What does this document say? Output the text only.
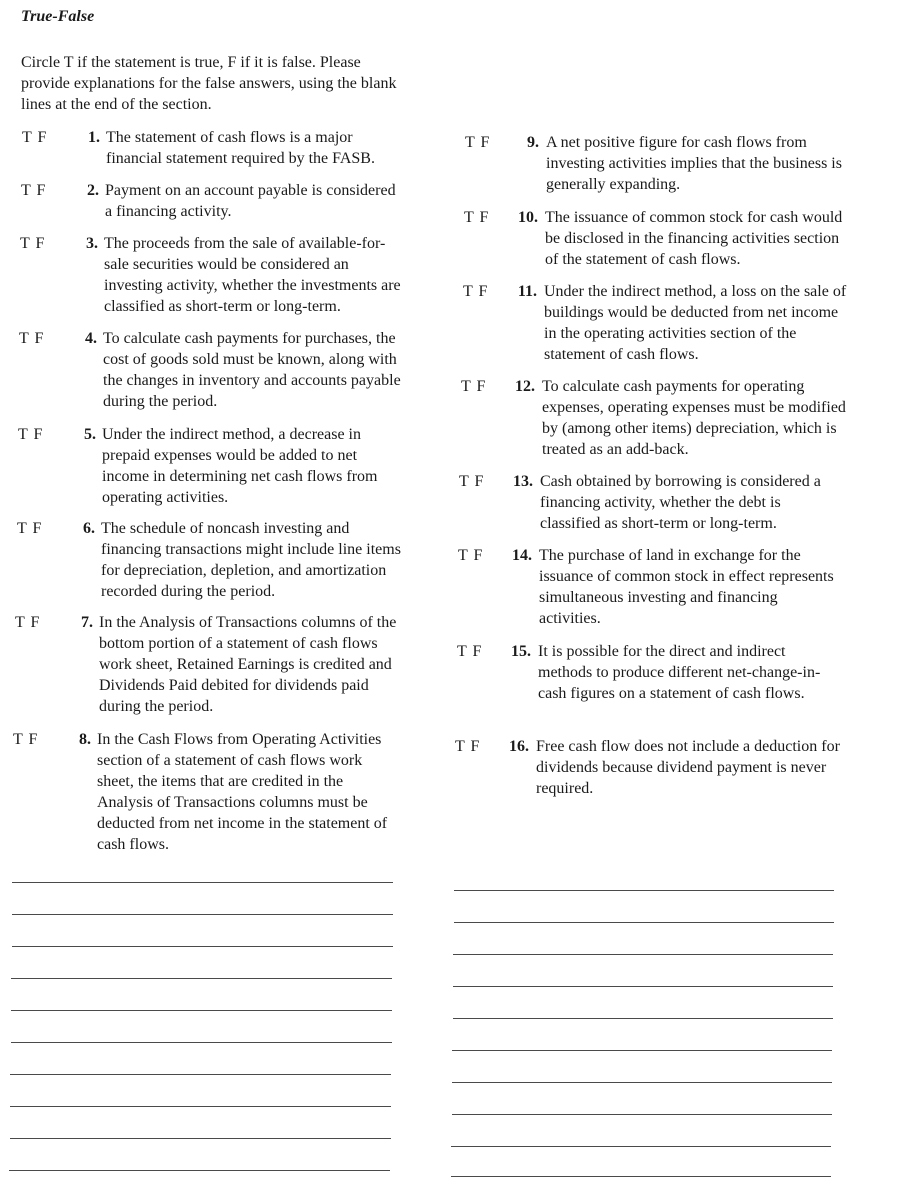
True-False
Circle T if the statement is true, F if it is false. Please provide explanations for the false answers, using the blank lines at the end of the section.
T F	1. The statement of cash flows is a major financial statement required by the FASB.
T F	2. Payment on an account payable is considered a financing activity.
T F	3. The proceeds from the sale of available-for-sale securities would be considered an investing activity, whether the investments are classified as short-term or long-term.
T F	4. To calculate cash payments for purchases, the cost of goods sold must be known, along with the changes in inventory and accounts payable during the period.
T F	5. Under the indirect method, a decrease in prepaid expenses would be added to net income in determining net cash flows from operating activities.
T F	6. The schedule of noncash investing and financing transactions might include line items for depreciation, depletion, and amortization recorded during the period.
T F	7. In the Analysis of Transactions columns of the bottom portion of a statement of cash flows work sheet, Retained Earnings is credited and Dividends Paid debited for dividends paid during the period.
T F	8. In the Cash Flows from Operating Activities section of a statement of cash flows work sheet, the items that are credited in the Analysis of Transactions columns must be deducted from net income in the statement of cash flows.
T F	9. A net positive figure for cash flows from investing activities implies that the business is generally expanding.
T F	10. The issuance of common stock for cash would be disclosed in the financing activities section of the statement of cash flows.
T F	11. Under the indirect method, a loss on the sale of buildings would be deducted from net income in the operating activities section of the statement of cash flows.
T F	12. To calculate cash payments for operating expenses, operating expenses must be modified by (among other items) depreciation, which is treated as an add-back.
T F	13. Cash obtained by borrowing is considered a financing activity, whether the debt is classified as short-term or long-term.
T F	14. The purchase of land in exchange for the issuance of common stock in effect represents simultaneous investing and financing activities.
T F	15. It is possible for the direct and indirect methods to produce different net-change-in-cash figures on a statement of cash flows.
T F	16. Free cash flow does not include a deduction for dividends because dividend payment is never required.
